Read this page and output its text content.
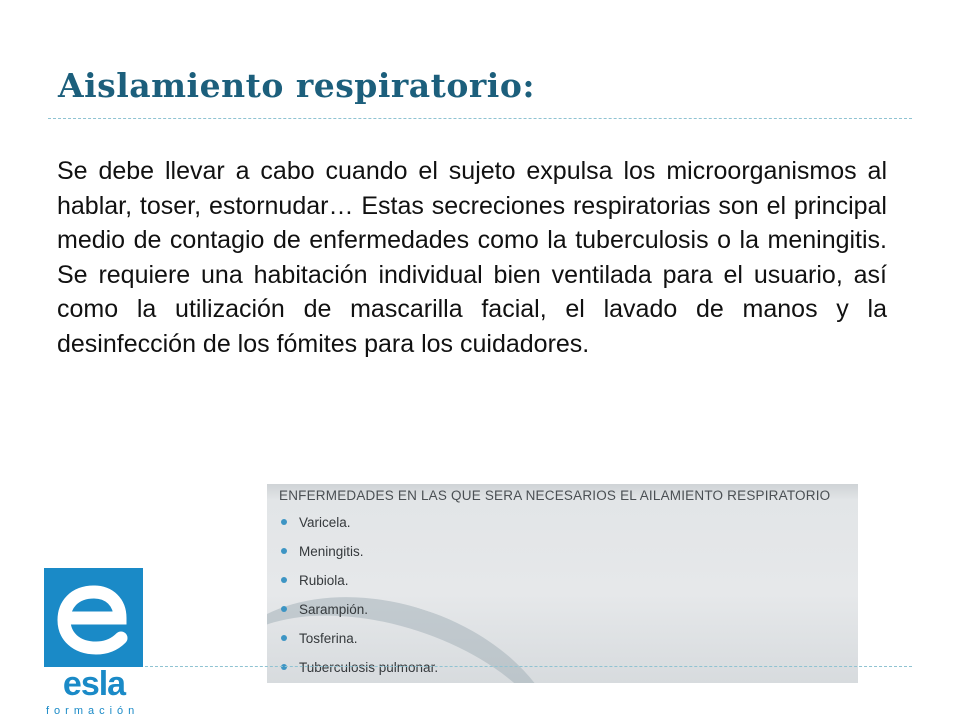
Aislamiento respiratorio:

Se debe llevar a cabo cuando el sujeto expulsa los microorganismos al hablar, toser, estornudar… Estas secreciones respiratorias son el principal medio de contagio de enfermedades como la tuberculosis o la meningitis. Se requiere una habitación individual bien ventilada para el usuario, así como la utilización de mascarilla facial, el lavado de manos y la desinfección de los fómites para los cuidadores.

ENFERMEDADES EN LAS QUE SERA NECESARIOS EL AILAMIENTO RESPIRATORIO

Varicela.
Meningitis.
Rubiola.
Sarampión.
Tosferina.
Tuberculosis pulmonar.
esla
formación
